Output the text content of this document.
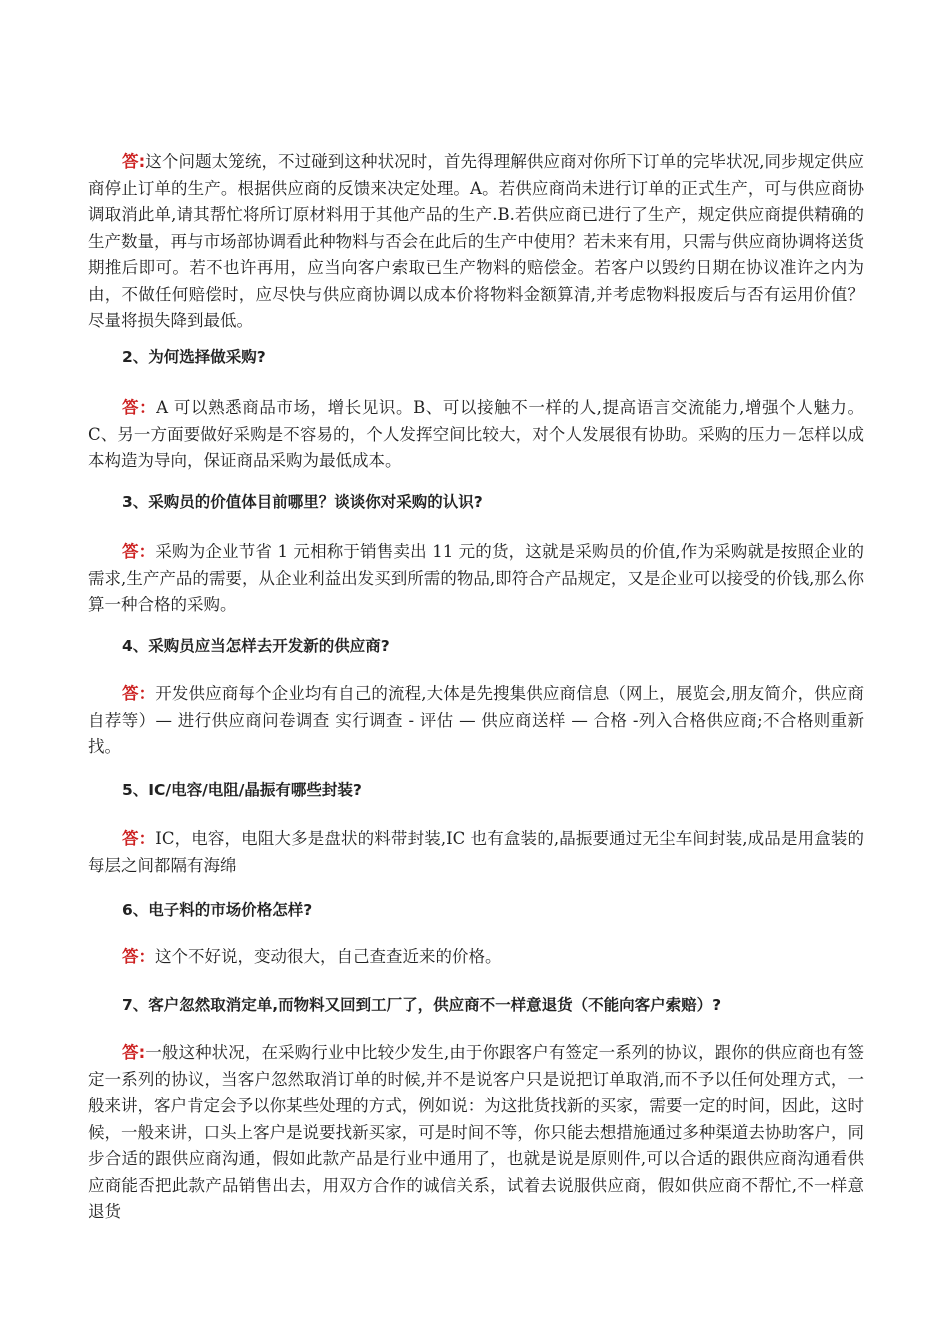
答:这个问题太笼统，不过碰到这种状况时，首先得理解供应商对你所下订单的完毕状况,同步规定供应商停止订单的生产。根据供应商的反馈来决定处理。A。若供应商尚未进行订单的正式生产，可与供应商协调取消此单,请其帮忙将所订原材料用于其他产品的生产.B.若供应商已进行了生产，规定供应商提供精确的生产数量，再与市场部协调看此种物料与否会在此后的生产中使用？若未来有用，只需与供应商协调将送货期推后即可。若不也许再用，应当向客户索取已生产物料的赔偿金。若客户以毁约日期在协议准许之内为由，不做任何赔偿时，应尽快与供应商协调以成本价将物料金额算清,并考虑物料报废后与否有运用价值？尽量将损失降到最低。

2、为何选择做采购?

答：A 可以熟悉商品市场，增长见识。B、可以接触不一样的人,提高语言交流能力,增强个人魅力。C、另一方面要做好采购是不容易的，个人发挥空间比较大，对个人发展很有协助。采购的压力－怎样以成本构造为导向，保证商品采购为最低成本。

3、采购员的价值体目前哪里？谈谈你对采购的认识?

答：采购为企业节省 1 元相称于销售卖出 11 元的货，这就是采购员的价值,作为采购就是按照企业的需求,生产产品的需要，从企业利益出发买到所需的物品,即符合产品规定，又是企业可以接受的价钱,那么你算一种合格的采购。

4、采购员应当怎样去开发新的供应商?

答：开发供应商每个企业均有自己的流程,大体是先搜集供应商信息（网上，展览会,朋友简介，供应商自荐等）— 进行供应商问卷调查 实行调查 - 评估 — 供应商送样 — 合格 -列入合格供应商;不合格则重新找。

5、IC/电容/电阻/晶振有哪些封装?

答：IC，电容，电阻大多是盘状的料带封装,IC 也有盒装的,晶振要通过无尘车间封装,成品是用盒装的每层之间都隔有海绵

6、电子料的市场价格怎样?

答：这个不好说，变动很大，自己查查近来的价格。

7、客户忽然取消定单,而物料又回到工厂了，供应商不一样意退货（不能向客户索赔）?

答:一般这种状况，在采购行业中比较少发生,由于你跟客户有签定一系列的协议，跟你的供应商也有签定一系列的协议，当客户忽然取消订单的时候,并不是说客户只是说把订单取消,而不予以任何处理方式，一般来讲，客户肯定会予以你某些处理的方式，例如说：为这批货找新的买家，需要一定的时间，因此，这时候，一般来讲，口头上客户是说要找新买家，可是时间不等，你只能去想措施通过多种渠道去协助客户，同步合适的跟供应商沟通，假如此款产品是行业中通用了，也就是说是原则件,可以合适的跟供应商沟通看供应商能否把此款产品销售出去，用双方合作的诚信关系，试着去说服供应商，假如供应商不帮忙,不一样意退货
